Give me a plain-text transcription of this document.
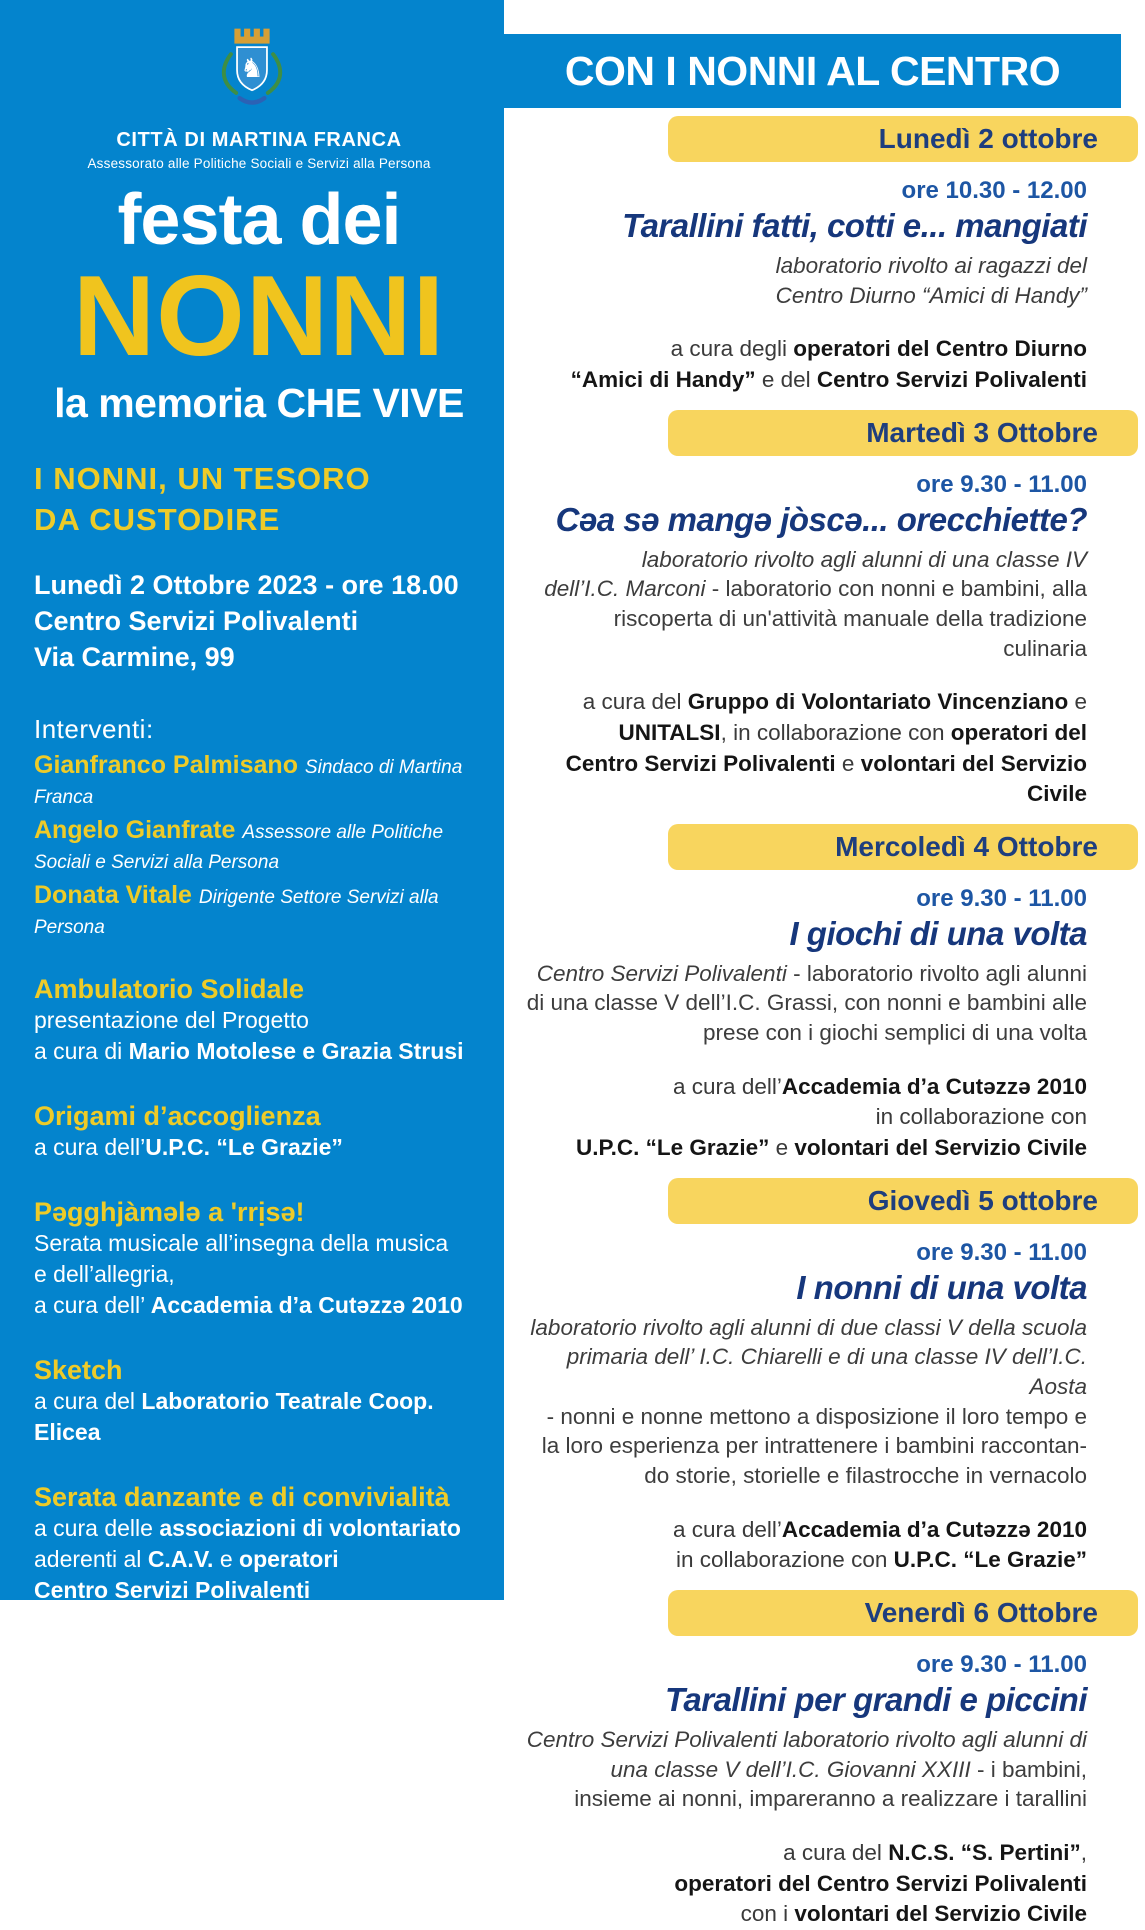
♞
CITTÀ DI MARTINA FRANCA
Assessorato alle Politiche Sociali e Servizi alla Persona
festa dei
NONNI
la memoria CHE VIVE
I NONNI, UN TESORO
DA CUSTODIRE
Lunedì 2 Ottobre 2023 - ore 18.00
Centro Servizi Polivalenti
Via Carmine, 99
Interventi:

Gianfranco Palmisano Sindaco di Martina Franca

Angelo Gianfrate Assessore alle Politiche Sociali e Servizi alla Persona

Donata Vitale Dirigente Settore Servizi alla Persona

Ambulatorio Solidale
presentazione del Progetto
a cura di Mario Motolese e Grazia Strusi
Origami d’accoglienza
a cura dell’U.P.C. “Le Grazie”
Pəgghjàmələ a 'rrịsə!
Serata musicale all’insegna della musica
e dell’allegria,
a cura dell’ Accademia d’a Cutəzzə 2010
Sketch
a cura del Laboratorio Teatrale Coop. Elicea
Serata danzante e di convivialità
a cura delle associazioni di volontariato
aderenti al C.A.V. e operatori
Centro Servizi Polivalenti
CON I NONNI AL CENTRO
Lunedì 2 ottobre
ore 10.30 - 12.00
Tarallini fatti, cotti e... mangiati
laboratorio rivolto ai ragazzi del
Centro Diurno “Amici di Handy”
a cura degli operatori del Centro Diurno
“Amici di Handy” e del Centro Servizi Polivalenti
Martedì 3 Ottobre
ore 9.30 - 11.00
Cəa sə mangə jòscə... orecchiette?
laboratorio rivolto agli alunni di una classe IV
dell’I.C. Marconi - laboratorio con nonni e bambini, alla
riscoperta di un'attività manuale della tradizione culinaria
a cura del Gruppo di Volontariato Vincenziano e
UNITALSI, in collaborazione con operatori del
Centro Servizi Polivalenti e volontari del Servizio Civile
Mercoledì 4 Ottobre
ore 9.30 - 11.00
I giochi di una volta
Centro Servizi Polivalenti - laboratorio rivolto agli alunni
di una classe V dell’I.C. Grassi, con nonni e bambini alle
prese con i giochi semplici di una volta
a cura dell’Accademia d’a Cutəzzə 2010
in collaborazione con
U.P.C. “Le Grazie” e volontari del Servizio Civile
Giovedì 5 ottobre
ore 9.30 - 11.00
I nonni di una volta
laboratorio rivolto agli alunni di due classi V della scuola
primaria dell’ I.C. Chiarelli e di una classe IV dell’I.C. Aosta
- nonni e nonne mettono a disposizione il loro tempo e
la loro esperienza per intrattenere i bambini raccontan-
do storie, storielle e filastrocche in vernacolo
a cura dell’Accademia d’a Cutəzzə 2010
in collaborazione con U.P.C. “Le Grazie”
Venerdì 6 Ottobre
ore 9.30 - 11.00
Tarallini per grandi e piccini
Centro Servizi Polivalenti laboratorio rivolto agli alunni di
una classe V dell’I.C. Giovanni XXIII - i bambini,
insieme ai nonni, impareranno a realizzare i tarallini
a cura del N.C.S. “S. Pertini”,
operatori del Centro Servizi Polivalenti
con i volontari del Servizio Civile
